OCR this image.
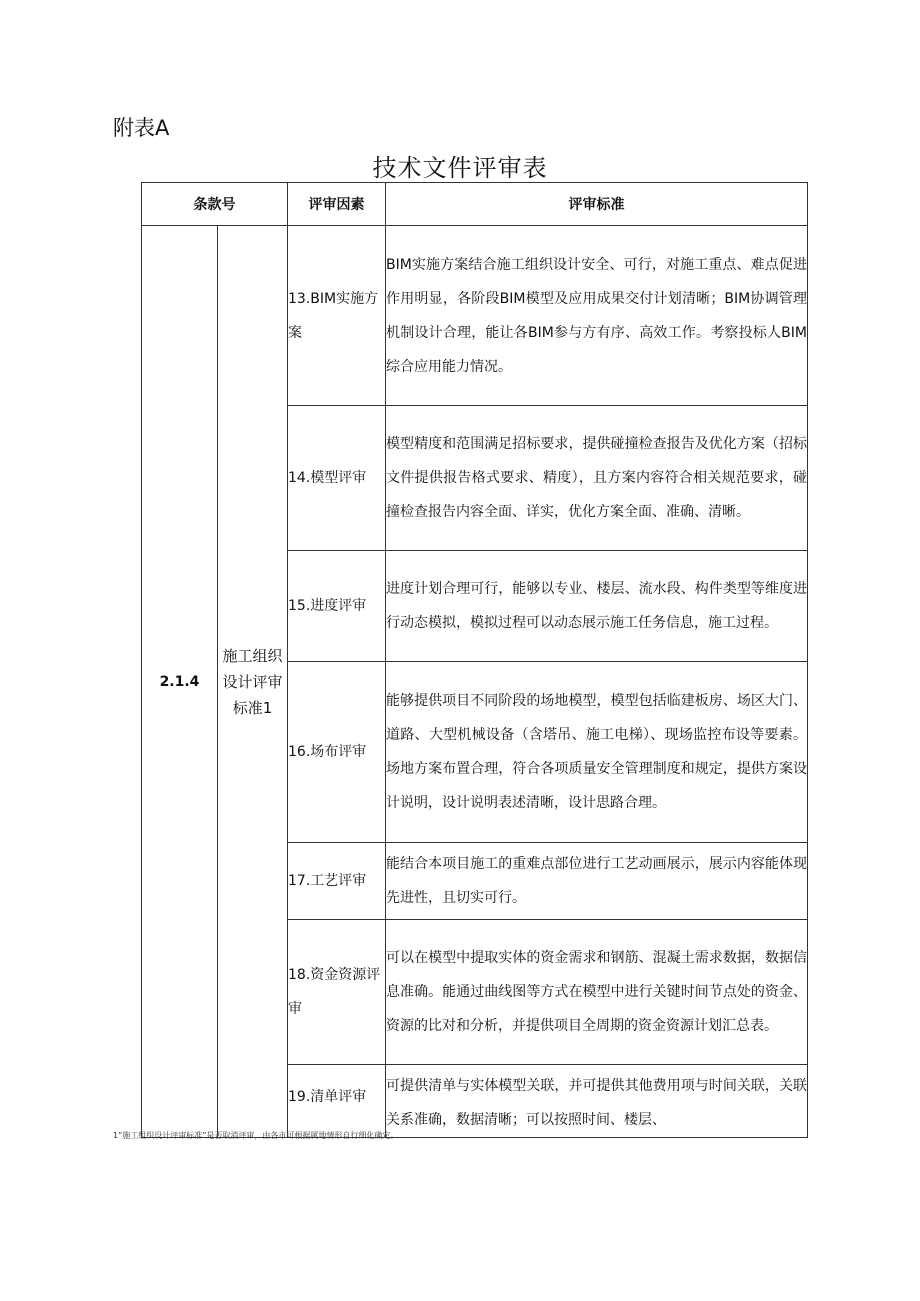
附表A
技术文件评审表
条款号		评审因素	评审标准
2.1.4	施工组织设计评审标准1	13.BIM实施方案	BIM实施方案结合施工组织设计安全、可行，对施工重点、难点促进作用明显，各阶段BIM模型及应用成果交付计划清晰；BIM协调管理机制设计合理，能让各BIM参与方有序、高效工作。考察投标人BIM综合应用能力情况。
		14.模型评审	模型精度和范围满足招标要求，提供碰撞检查报告及优化方案（招标文件提供报告格式要求、精度），且方案内容符合相关规范要求，碰撞检查报告内容全面、详实，优化方案全面、准确、清晰。
		15.进度评审	进度计划合理可行，能够以专业、楼层、流水段、构件类型等维度进行动态模拟，模拟过程可以动态展示施工任务信息，施工过程。
		16.场布评审	能够提供项目不同阶段的场地模型，模型包括临建板房、场区大门、道路、大型机械设备（含塔吊、施工电梯）、现场监控布设等要素。场地方案布置合理，符合各项质量安全管理制度和规定，提供方案设计说明，设计说明表述清晰，设计思路合理。
		17.工艺评审	能结合本项目施工的重难点部位进行工艺动画展示，展示内容能体现先进性，且切实可行。
		18.资金资源评审	可以在模型中提取实体的资金需求和钢筋、混凝土需求数据，数据信息准确。能通过曲线图等方式在模型中进行关键时间节点处的资金、资源的比对和分析，并提供项目全周期的资金资源计划汇总表。
		19.清单评审	可提供清单与实体模型关联，并可提供其他费用项与时间关联，关联关系准确，数据清晰；可以按照时间、楼层、
1“施工组织设计评审标准”是否取消评审，由各市可根据属地情形自行细化确定。
